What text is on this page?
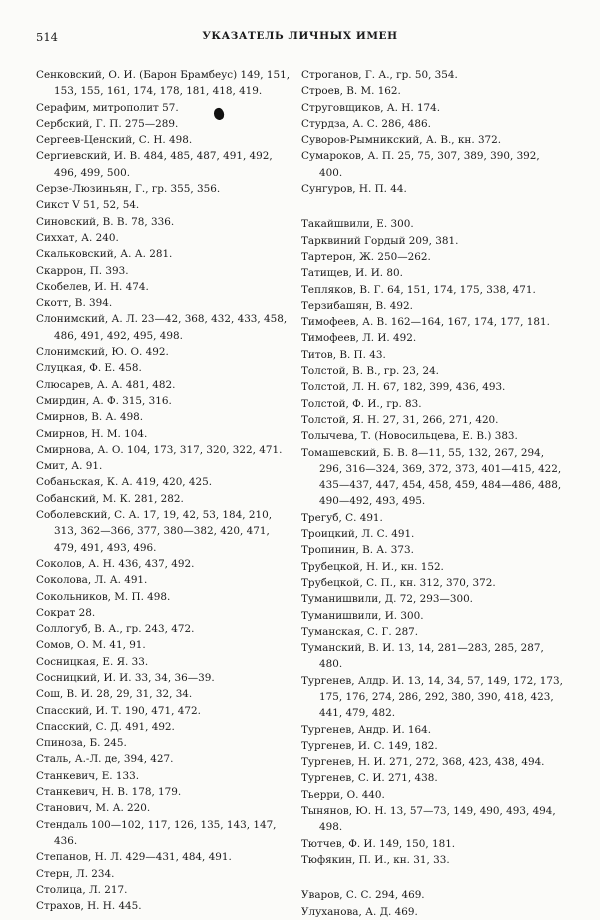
514	УКАЗАТЕЛЬ ЛИЧНЫХ ИМЕН
Сенковский, О. И. (Барон Брамбеус) 149, 151, 153, 155, 161, 174, 178, 181, 418, 419.
Серафим, митрополит 57.
Сербский, Г. П. 275—289.
Сергеев-Ценский, С. Н. 498.
Сергиевский, И. В. 484, 485, 487, 491, 492, 496, 499, 500.
Серзе-Люзиньян, Г., гр. 355, 356.
Сикст V 51, 52, 54.
Синовский, В. В. 78, 336.
Сиххат, А. 240.
Скальковский, А. А. 281.
Скаррон, П. 393.
Скобелев, И. Н. 474.
Скотт, В. 394.
Слонимский, А. Л. 23—42, 368, 432, 433, 458, 486, 491, 492, 495, 498.
Слонимский, Ю. О. 492.
Слуцкая, Ф. Е. 458.
Слюсарев, А. А. 481, 482.
Смирдин, А. Ф. 315, 316.
Смирнов, В. А. 498.
Смирнов, Н. М. 104.
Смирнова, А. О. 104, 173, 317, 320, 322, 471.
Смит, А. 91.
Собаньская, К. А. 419, 420, 425.
Собанский, М. К. 281, 282.
Соболевский, С. А. 17, 19, 42, 53, 184, 210, 313, 362—366, 377, 380—382, 420, 471, 479, 491, 493, 496.
Соколов, А. Н. 436, 437, 492.
Соколова, Л. А. 491.
Сокольников, М. П. 498.
Сократ 28.
Соллогуб, В. А., гр. 243, 472.
Сомов, О. М. 41, 91.
Сосницкая, Е. Я. 33.
Сосницкий, И. И. 33, 34, 36—39.
Сош, В. И. 28, 29, 31, 32, 34.
Спасский, И. Т. 190, 471, 472.
Спасский, С. Д. 491, 492.
Спиноза, Б. 245.
Сталь, А.-Л. де, 394, 427.
Станкевич, Е. 133.
Станкевич, Н. В. 178, 179.
Станович, М. А. 220.
Стендаль 100—102, 117, 126, 135, 143, 147, 436.
Степанов, Н. Л. 429—431, 484, 491.
Стерн, Л. 234.
Столица, Л. 217.
Страхов, Н. Н. 445.
Строганов, Г. А., гр. 50, 354.
Строев, В. М. 162.
Струговщиков, А. Н. 174.
Стурдза, А. С. 286, 486.
Суворов-Рымникский, А. В., кн. 372.
Сумароков, А. П. 25, 75, 307, 389, 390, 392, 400.
Сунгуров, Н. П. 44.
Такайшвили, Е. 300.
Тарквиний Гордый 209, 381.
Тартерон, Ж. 250—262.
Татищев, И. И. 80.
Тепляков, В. Г. 64, 151, 174, 175, 338, 471.
Терзибашян, В. 492.
Тимофеев, А. В. 162—164, 167, 174, 177, 181.
Тимофеев, Л. И. 492.
Титов, В. П. 43.
Толстой, В. В., гр. 23, 24.
Толстой, Л. Н. 67, 182, 399, 436, 493.
Толстой, Ф. И., гр. 83.
Толстой, Я. Н. 27, 31, 266, 271, 420.
Толычева, Т. (Новосильцева, Е. В.) 383.
Томашевский, Б. В. 8—11, 55, 132, 267, 294, 296, 316—324, 369, 372, 373, 401—415, 422, 435—437, 447, 454, 458, 459, 484—486, 488, 490—492, 493, 495.
Трегуб, С. 491.
Троицкий, Л. С. 491.
Тропинин, В. А. 373.
Трубецкой, Н. И., кн. 152.
Трубецкой, С. П., кн. 312, 370, 372.
Туманишвили, Д. 72, 293—300.
Туманишвили, И. 300.
Туманская, С. Г. 287.
Туманский, В. И. 13, 14, 281—283, 285, 287, 480.
Тургенев, Алдр. И. 13, 14, 34, 57, 149, 172, 173, 175, 176, 274, 286, 292, 380, 390, 418, 423, 441, 479, 482.
Тургенев, Андр. И. 164.
Тургенев, И. С. 149, 182.
Тургенев, Н. И. 271, 272, 368, 423, 438, 494.
Тургенев, С. И. 271, 438.
Тьерри, О. 440.
Тынянов, Ю. Н. 13, 57—73, 149, 490, 493, 494, 498.
Тютчев, Ф. И. 149, 150, 181.
Тюфякин, П. И., кн. 31, 33.
Уваров, С. С. 294, 469.
Улуханова, А. Д. 469.
